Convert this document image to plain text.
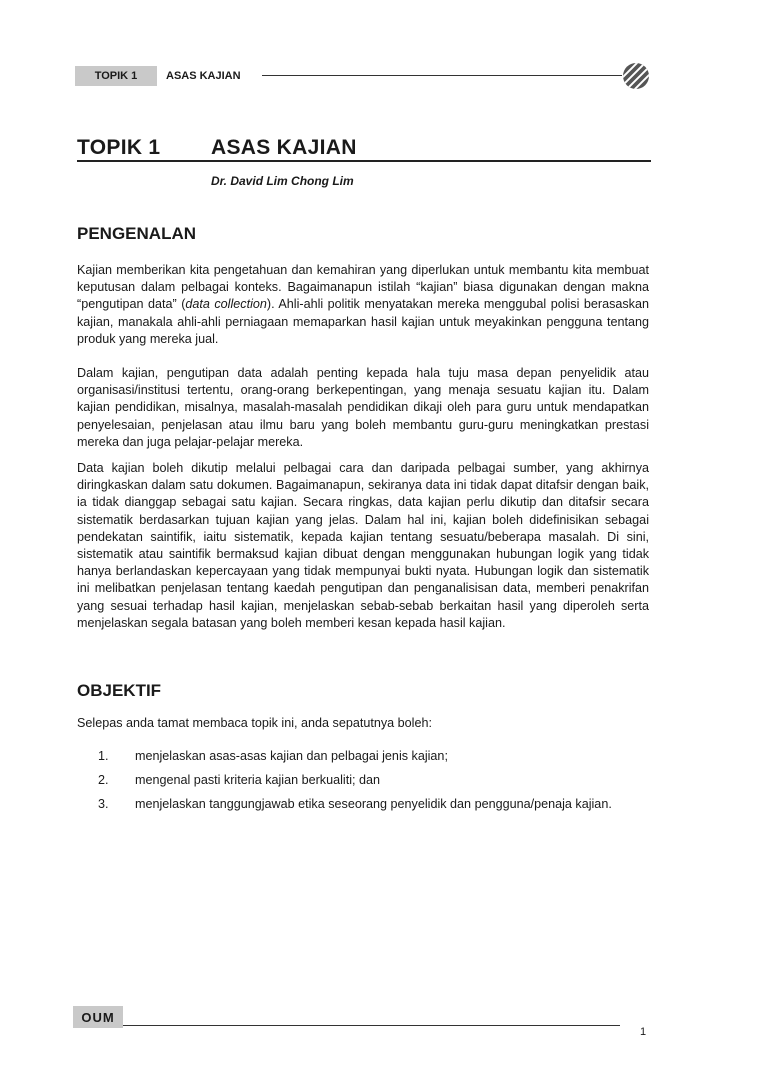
TOPIK 1	ASAS KAJIAN
TOPIK 1 ASAS KAJIAN
Dr. David Lim Chong Lim
PENGENALAN

Kajian memberikan kita pengetahuan dan kemahiran yang diperlukan untuk membantu kita membuat keputusan dalam pelbagai konteks. Bagaimanapun istilah “kajian” biasa digunakan dengan makna “pengutipan data” (data collection). Ahli-ahli politik menyatakan mereka menggubal polisi berasaskan kajian, manakala ahli-ahli perniagaan memaparkan hasil kajian untuk meyakinkan pengguna tentang produk yang mereka jual.

Dalam kajian, pengutipan data adalah penting kepada hala tuju masa depan penyelidik atau organisasi/institusi tertentu, orang-orang berkepentingan, yang menaja sesuatu kajian itu. Dalam kajian pendidikan, misalnya, masalah-masalah pendidikan dikaji oleh para guru untuk mendapatkan penyelesaian, penjelasan atau ilmu baru yang boleh membantu guru-guru meningkatkan prestasi mereka dan juga pelajar-pelajar mereka.

Data kajian boleh dikutip melalui pelbagai cara dan daripada pelbagai sumber, yang akhirnya diringkaskan dalam satu dokumen. Bagaimanapun, sekiranya data ini tidak dapat ditafsir dengan baik, ia tidak dianggap sebagai satu kajian. Secara ringkas, data kajian perlu dikutip dan ditafsir secara sistematik berdasarkan tujuan kajian yang jelas. Dalam hal ini, kajian boleh didefinisikan sebagai pendekatan saintifik, iaitu sistematik, kepada kajian tentang sesuatu/beberapa masalah. Di sini, sistematik atau saintifik bermaksud kajian dibuat dengan menggunakan hubungan logik yang tidak hanya berlandaskan kepercayaan yang tidak mempunyai bukti nyata. Hubungan logik dan sistematik ini melibatkan penjelasan tentang kaedah pengutipan dan penganalisisan data, memberi penakrifan yang sesuai terhadap hasil kajian, menjelaskan sebab-sebab berkaitan hasil yang diperoleh serta menjelaskan segala batasan yang boleh memberi kesan kepada hasil kajian.

OBJEKTIF

Selepas anda tamat membaca topik ini, anda sepatutnya boleh:

1.	menjelaskan asas-asas kajian dan pelbagai jenis kajian;
2.	mengenal pasti kriteria kajian berkualiti; dan
3.	menjelaskan tanggungjawab etika seseorang penyelidik dan pengguna/penaja kajian.
OUM
1
